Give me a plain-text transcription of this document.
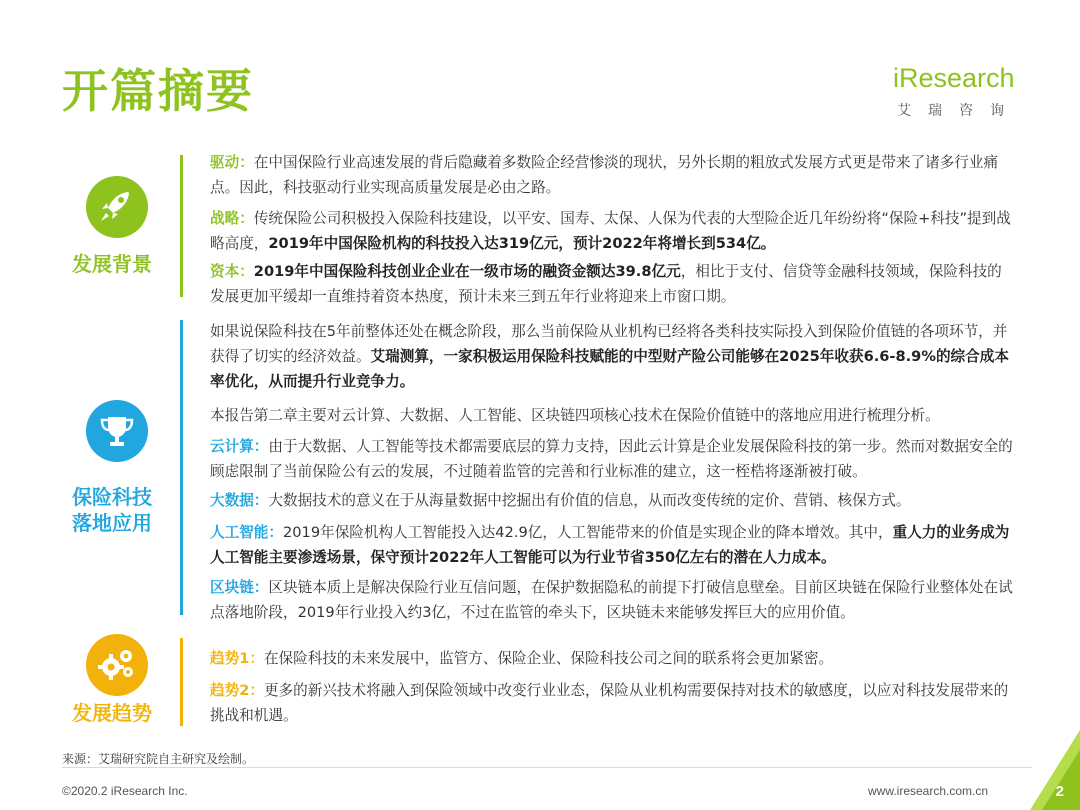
开篇摘要	iResearch
艾瑞咨询
发展背景
驱动：在中国保险行业高速发展的背后隐藏着多数险企经营惨淡的现状，另外长期的粗放式发展方式更是带来了诸多行业痛点。因此，科技驱动行业实现高质量发展是必由之路。
战略：传统保险公司积极投入保险科技建设，以平安、国寿、太保、人保为代表的大型险企近几年纷纷将“保险+科技”提到战略高度，2019年中国保险机构的科技投入达319亿元，预计2022年将增长到534亿。
资本：2019年中国保险科技创业企业在一级市场的融资金额达39.8亿元，相比于支付、信贷等金融科技领域，保险科技的发展更加平缓却一直维持着资本热度，预计未来三到五年行业将迎来上市窗口期。
保险科技
落地应用
如果说保险科技在5年前整体还处在概念阶段，那么当前保险从业机构已经将各类科技实际投入到保险价值链的各项环节，并获得了切实的经济效益。艾瑞测算，一家积极运用保险科技赋能的中型财产险公司能够在2025年收获6.6-8.9%的综合成本率优化，从而提升行业竞争力。
本报告第二章主要对云计算、大数据、人工智能、区块链四项核心技术在保险价值链中的落地应用进行梳理分析。
云计算：由于大数据、人工智能等技术都需要底层的算力支持，因此云计算是企业发展保险科技的第一步。然而对数据安全的顾虑限制了当前保险公有云的发展，不过随着监管的完善和行业标准的建立，这一桎梏将逐渐被打破。
大数据：大数据技术的意义在于从海量数据中挖掘出有价值的信息，从而改变传统的定价、营销、核保方式。
人工智能：2019年保险机构人工智能投入达42.9亿，人工智能带来的价值是实现企业的降本增效。其中，重人力的业务成为人工智能主要渗透场景，保守预计2022年人工智能可以为行业节省350亿左右的潜在人力成本。
区块链：区块链本质上是解决保险行业互信问题，在保护数据隐私的前提下打破信息壁垒。目前区块链在保险行业整体处在试点落地阶段，2019年行业投入约3亿，不过在监管的牵头下，区块链未来能够发挥巨大的应用价值。
发展趋势
趋势1：在保险科技的未来发展中，监管方、保险企业、保险科技公司之间的联系将会更加紧密。
趋势2：更多的新兴技术将融入到保险领域中改变行业业态，保险从业机构需要保持对技术的敏感度，以应对科技发展带来的挑战和机遇。
来源：艾瑞研究院自主研究及绘制。
©2020.2 iResearch Inc.	www.iresearch.com.cn	2
